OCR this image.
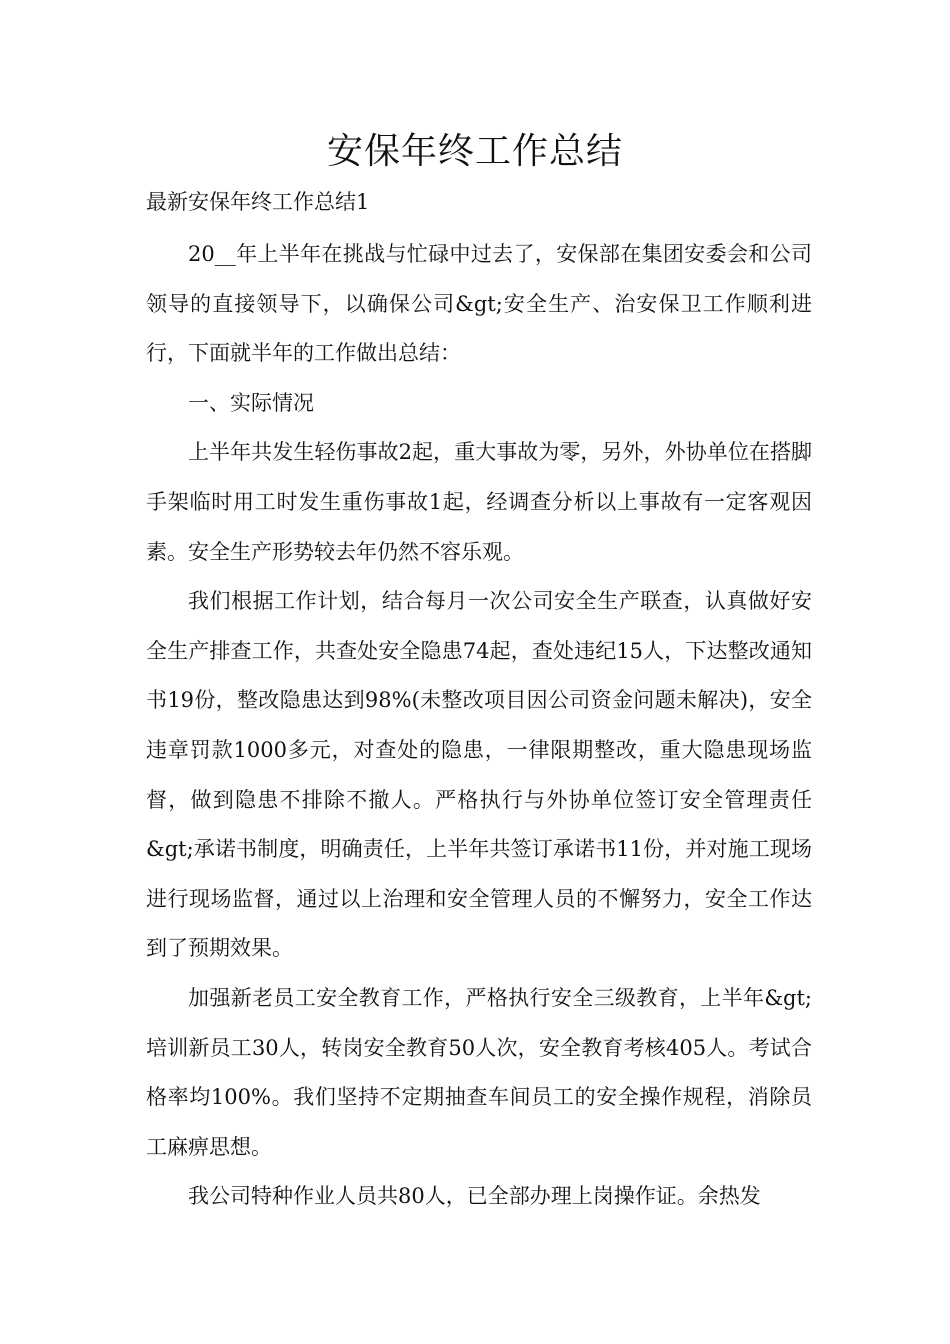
安保年终工作总结
最新安保年终工作总结1

20__年上半年在挑战与忙碌中过去了，安保部在集团安委会和公司领导的直接领导下，以确保公司&gt;安全生产、治安保卫工作顺利进行，下面就半年的工作做出总结：

一、实际情况

上半年共发生轻伤事故2起，重大事故为零，另外，外协单位在搭脚手架临时用工时发生重伤事故1起，经调查分析以上事故有一定客观因素。安全生产形势较去年仍然不容乐观。

我们根据工作计划，结合每月一次公司安全生产联查，认真做好安全生产排查工作，共查处安全隐患74起，查处违纪15人，下达整改通知书19份，整改隐患达到98%(未整改项目因公司资金问题未解决)，安全违章罚款1000多元，对查处的隐患，一律限期整改，重大隐患现场监督，做到隐患不排除不撤人。严格执行与外协单位签订安全管理责任&gt;承诺书制度，明确责任，上半年共签订承诺书11份，并对施工现场进行现场监督，通过以上治理和安全管理人员的不懈努力，安全工作达到了预期效果。

加强新老员工安全教育工作，严格执行安全三级教育，上半年&gt;培训新员工30人，转岗安全教育50人次，安全教育考核405人。考试合格率均100%。我们坚持不定期抽查车间员工的安全操作规程，消除员工麻痹思想。

我公司特种作业人员共80人，已全部办理上岗操作证。余热发
